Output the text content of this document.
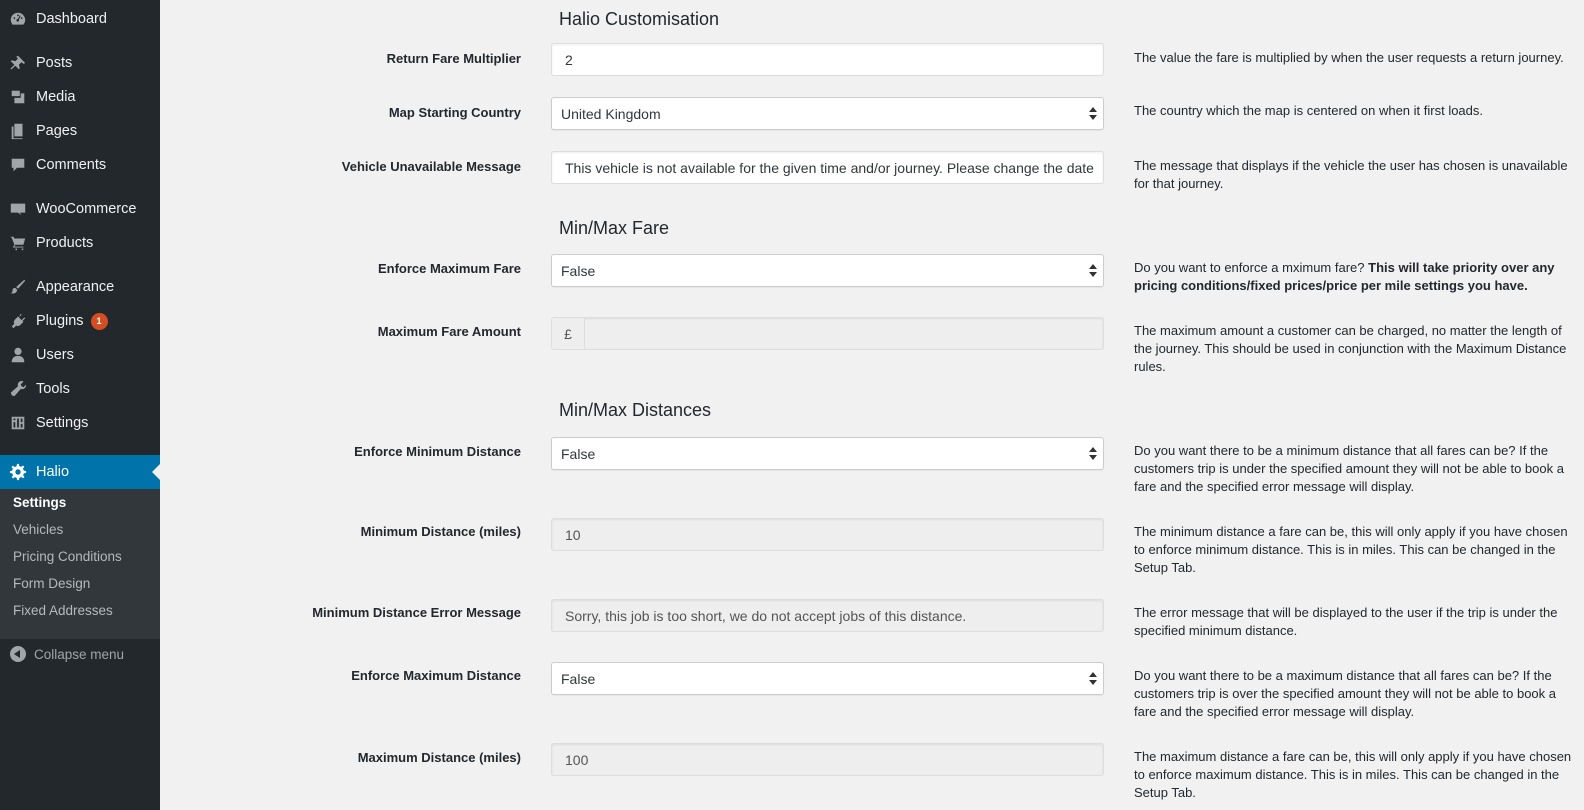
Dashboard
Posts
Media
Pages
Comments
WooCommerce
Products
Appearance
Plugins	1
Users
Tools
Settings
Halio
Settings
Vehicles
Pricing Conditions
Form Design
Fixed Addresses
Collapse menu
Halio Customisation
Return Fare Multiplier	2	The value the fare is multiplied by when the user requests a return journey.
Map Starting Country	United Kingdom	The country which the map is centered on when it first loads.
Vehicle Unavailable Message	This vehicle is not available for the given time and/or journey. Please change the date	The message that displays if the vehicle the user has chosen is unavailable for that journey.
Min/Max Fare
Enforce Maximum Fare	False	Do you want to enforce a mximum fare? This will take priority over any pricing conditions/fixed prices/price per mile settings you have.
Maximum Fare Amount	£	The maximum amount a customer can be charged, no matter the length of the journey. This should be used in conjunction with the Maximum Distance rules.
Min/Max Distances
Enforce Minimum Distance	False	Do you want there to be a minimum distance that all fares can be? If the customers trip is under the specified amount they will not be able to book a fare and the specified error message will display.
Minimum Distance (miles)	10	The minimum distance a fare can be, this will only apply if you have chosen to enforce minimum distance. This is in miles. This can be changed in the Setup Tab.
Minimum Distance Error Message	Sorry, this job is too short, we do not accept jobs of this distance.	The error message that will be displayed to the user if the trip is under the specified minimum distance.
Enforce Maximum Distance	False	Do you want there to be a maximum distance that all fares can be? If the customers trip is over the specified amount they will not be able to book a fare and the specified error message will display.
Maximum Distance (miles)	100	The maximum distance a fare can be, this will only apply if you have chosen to enforce maximum distance. This is in miles. This can be changed in the Setup Tab.
